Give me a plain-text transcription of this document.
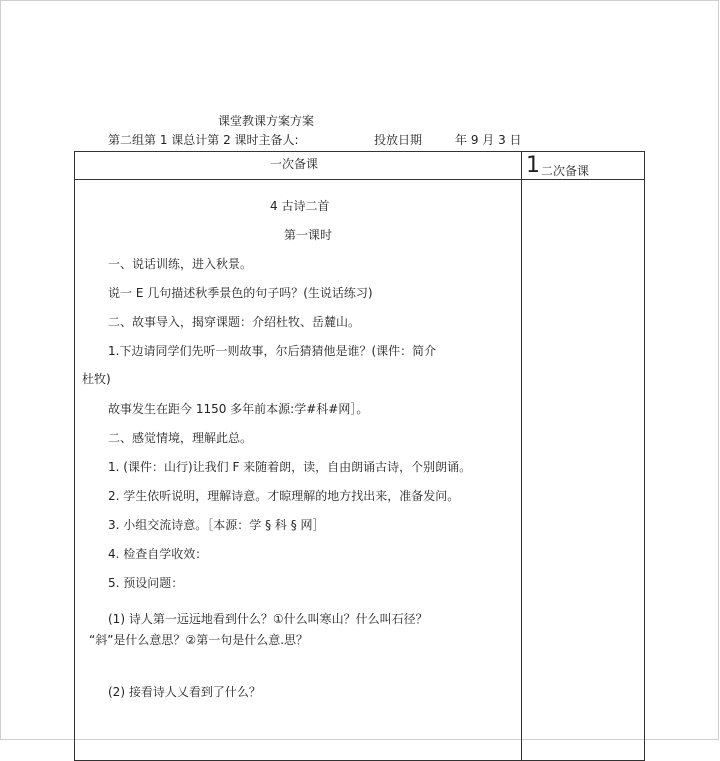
课堂教课方案方案
第二组第 1 课总计第 2 课时主备人:	投放日期	年 9 月 3 日
一次备课	1 二次备课

4 古诗二首
第一课时
一、说话训练，进入秋景。
说一 E 几句描述秋季景色的句子吗？(生说话练习)
二、故事导入，揭穿课题：介绍杜牧、岳麓山。
1.下边请同学们先听一则故事，尔后猜猜他是谁？(课件：简介
杜牧)
故事发生在距今 1150 多年前本源:学#科#网］。
二、感觉情境，理解此总。
1. (课件：山行)让我们 F 来随着朗，读，自由朗诵古诗，个别朗诵。
2. 学生依听说明，理解诗意。才晾理解的地方找出来，准备发问。
3. 小组交流诗意。［本源：学 § 科 § 网］
4. 检查自学收效：
5. 预设问题：
(1) 诗人第一远远地看到什么？①什么叫寒山？什么叫石径？
“斜”是什么意思？②第一句是什么意.思？
(2) 接看诗人乂看到了什么？
